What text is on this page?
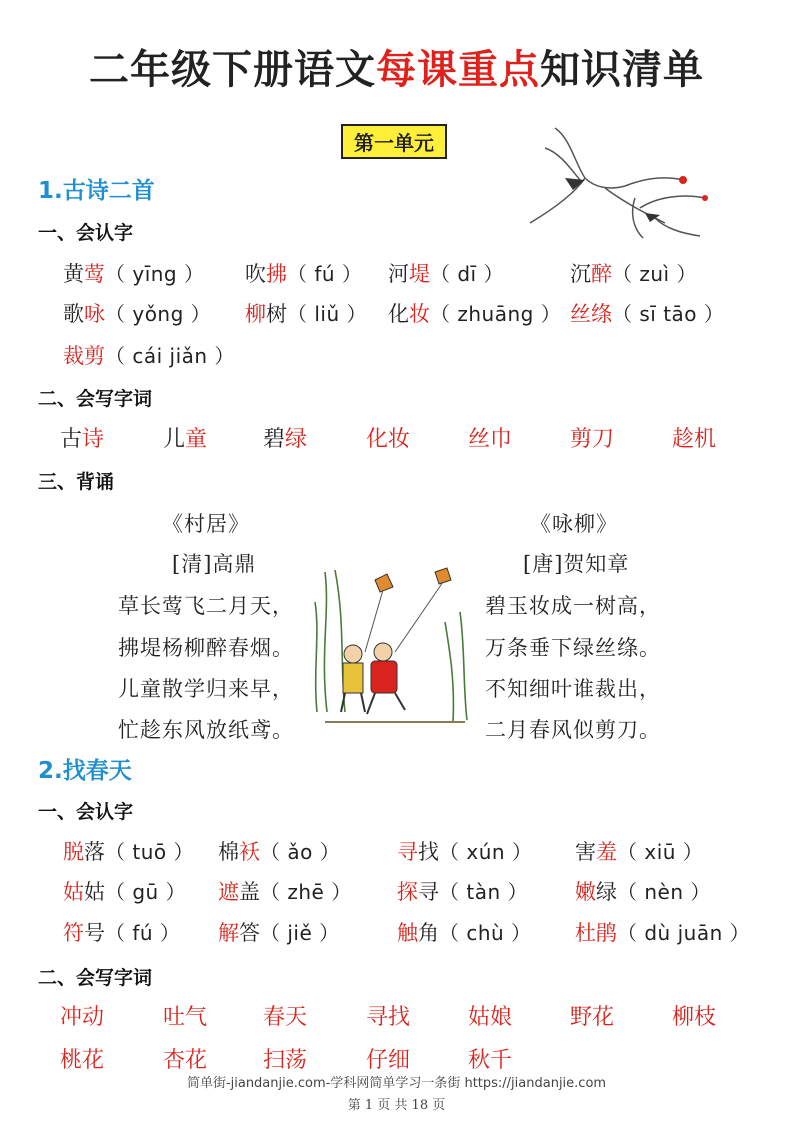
二年级下册语文每课重点知识清单
第一单元
1.古诗二首
一、会认字
黄莺（ yīng ） 吹拂（ fú ） 河堤（ dī ）	沉醉（ zuì ）
歌咏（ yǒng ） 柳树（ liǔ ） 化妆（ zhuāng ） 丝绦（ sī tāo ）
裁剪（ cái jiǎn ）
二、会写字词
古诗	儿童	碧绿	化妆	丝巾	剪刀	趁机
三、背诵
《村居》
[清]高鼎
草长莺飞二月天，
拂堤杨柳醉春烟。
儿童散学归来早，
忙趁东风放纸鸢。
《咏柳》
[唐]贺知章
碧玉妆成一树高，
万条垂下绿丝绦。
不知细叶谁裁出，
二月春风似剪刀。
2.找春天
一、会认字
脱落（ tuō ） 棉袄（ ǎo ）	寻找（ xún ） 害羞（ xiū ）
姑姑（ gū ） 遮盖（ zhē ） 探寻（ tàn ） 嫩绿（ nèn ）
符号（ fú ） 解答（ jiě ）	触角（ chù ） 杜鹃（ dù juān ）
二、会写字词
冲动	吐气	春天	寻找	姑娘	野花	柳枝
桃花	杏花	扫荡	仔细	秋千
简单街-jiandanjie.com-学科网简单学习一条街 https://jiandanjie.com
第 1 页 共 18 页
